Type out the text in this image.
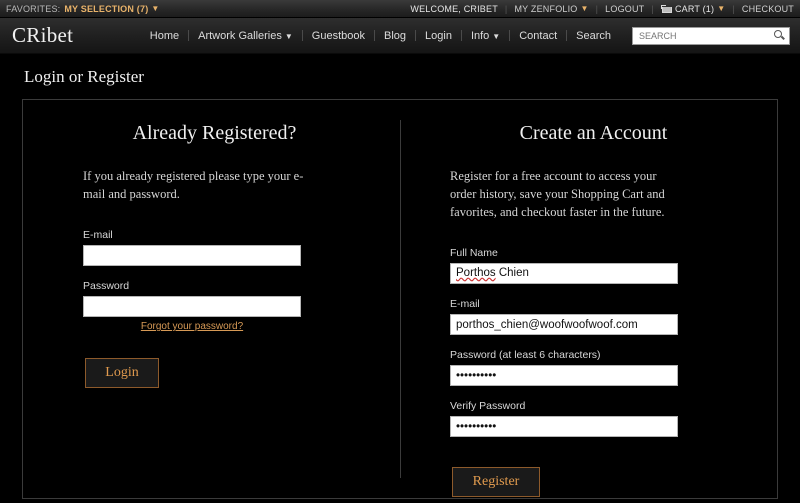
FAVORITES: MY SELECTION (7) ▼	WELCOME, CRIBET | MY ZENFOLIO ▼ | LOGOUT | CART (1) ▼ | CHECKOUT
CRibet	Home	Artwork Galleries ▼	Guestbook	Blog	Login	Info ▼	Contact	Search
SEARCH
Login or Register
Already Registered?
If you already registered please type your e-mail and password.
E-mail
Password
Forgot your password?
Login
Create an Account
Register for a free account to access your order history, save your Shopping Cart and favorites, and checkout faster in the future.
Full Name
Porthos Chien
E-mail
porthos_chien@woofwoofwoof.com
Password (at least 6 characters)
••••••••••
Verify Password
••••••••••
Register
